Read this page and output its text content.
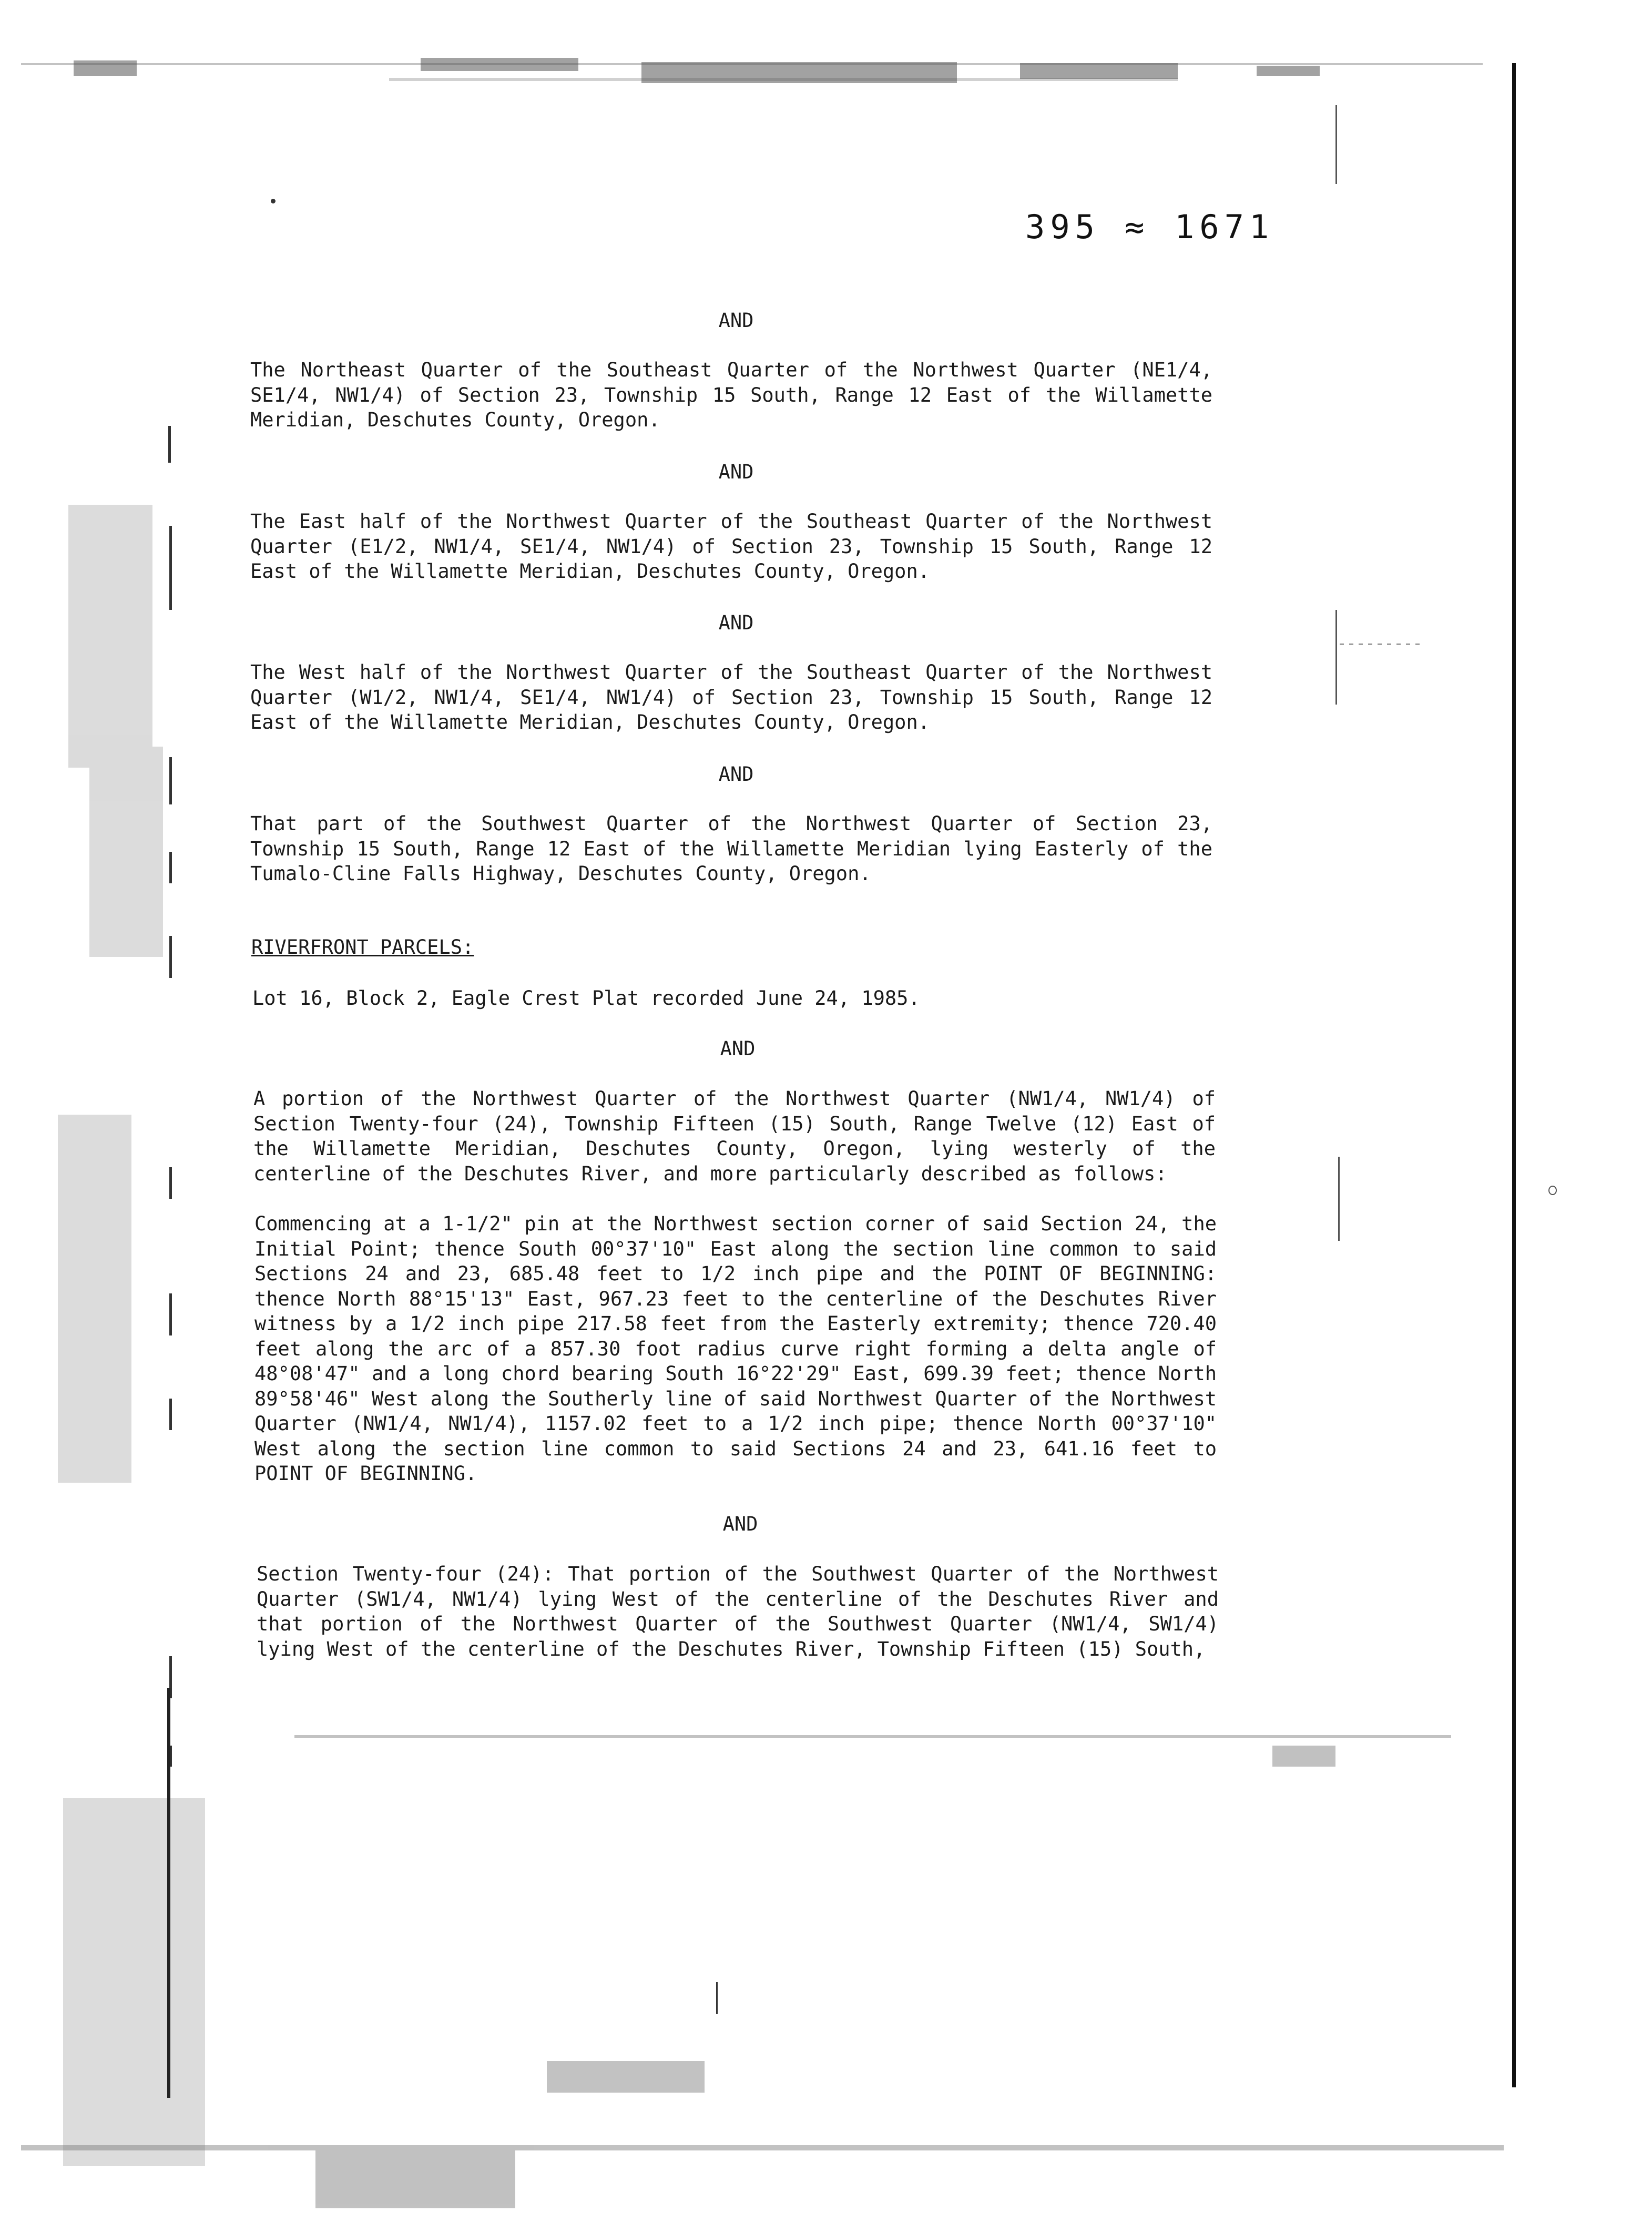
395 ≈ 1671
AND

The Northeast Quarter of the Southeast Quarter of the Northwest Quarter (NE1/4, SE1/4, NW1/4) of Section 23, Township 15 South, Range 12 East of the Willamette Meridian, Deschutes County, Oregon.

AND

The East half of the Northwest Quarter of the Southeast Quarter of the Northwest Quarter (E1/2, NW1/4, SE1/4, NW1/4) of Section 23, Township 15 South, Range 12 East of the Willamette Meridian, Deschutes County, Oregon.

AND

The West half of the Northwest Quarter of the Southeast Quarter of the Northwest Quarter (W1/2, NW1/4, SE1/4, NW1/4) of Section 23, Township 15 South, Range 12 East of the Willamette Meridian, Deschutes County, Oregon.

AND

That part of the Southwest Quarter of the Northwest Quarter of Section 23, Township 15 South, Range 12 East of the Willamette Meridian lying Easterly of the Tumalo-Cline Falls Highway, Deschutes County, Oregon.

RIVERFRONT PARCELS:

Lot 16, Block 2, Eagle Crest Plat recorded June 24, 1985.

AND

A portion of the Northwest Quarter of the Northwest Quarter (NW1/4, NW1/4) of Section Twenty-four (24), Township Fifteen (15) South, Range Twelve (12) East of the Willamette Meridian, Deschutes County, Oregon, lying westerly of the centerline of the Deschutes River, and more particularly described as follows:

Commencing at a 1-1/2" pin at the Northwest section corner of said Section 24, the Initial Point; thence South 00°37'10" East along the section line common to said Sections 24 and 23, 685.48 feet to 1/2 inch pipe and the POINT OF BEGINNING: thence North 88°15'13" East, 967.23 feet to the centerline of the Deschutes River witness by a 1/2 inch pipe 217.58 feet from the Easterly extremity; thence 720.40 feet along the arc of a 857.30 foot radius curve right forming a delta angle of 48°08'47" and a long chord bearing South 16°22'29" East, 699.39 feet; thence North 89°58'46" West along the Southerly line of said Northwest Quarter of the Northwest Quarter (NW1/4, NW1/4), 1157.02 feet to a 1/2 inch pipe; thence North 00°37'10" West along the section line common to said Sections 24 and 23, 641.16 feet to POINT OF BEGINNING.

AND

Section Twenty-four (24): That portion of the Southwest Quarter of the Northwest Quarter (SW1/4, NW1/4) lying West of the centerline of the Deschutes River and that portion of the Northwest Quarter of the Southwest Quarter (NW1/4, SW1/4) lying West of the centerline of the Deschutes River, Township Fifteen (15) South,
